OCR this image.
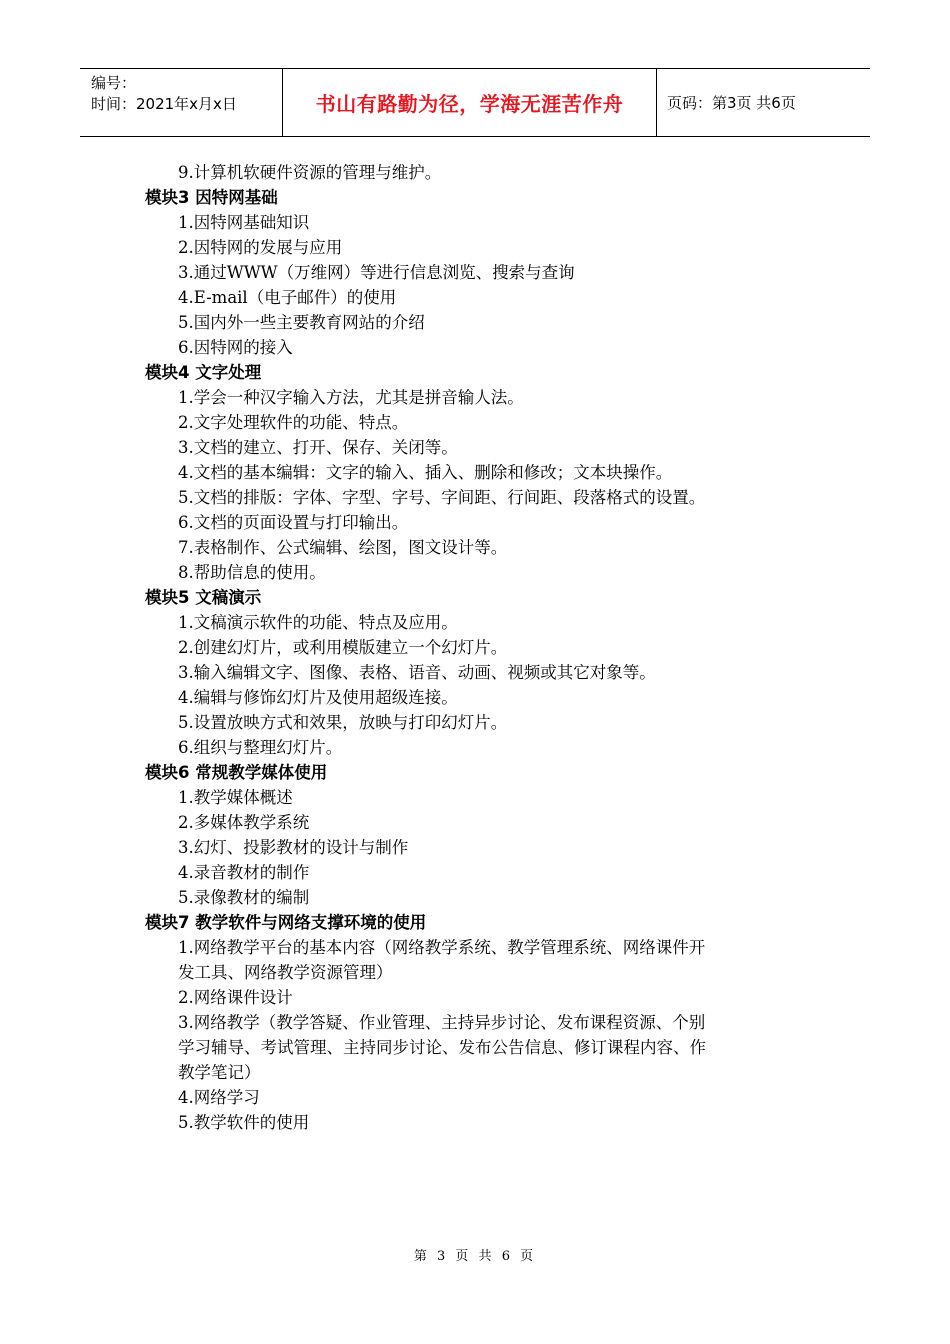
编号：
时间：2021年x月x日	书山有路勤为径，学海无涯苦作舟	页码：第3页 共6页
9.计算机软硬件资源的管理与维护。
模块3 因特网基础
1.因特网基础知识
2.因特网的发展与应用
3.通过WWW（万维网）等进行信息浏览、搜索与查询
4.E-mail（电子邮件）的使用
5.国内外一些主要教育网站的介绍
6.因特网的接入
模块4 文字处理
1.学会一种汉字输入方法，尤其是拼音输人法。
2.文字处理软件的功能、特点。
3.文档的建立、打开、保存、关闭等。
4.文档的基本编辑：文字的输入、插入、删除和修改；文本块操作。
5.文档的排版：字体、字型、字号、字间距、行间距、段落格式的设置。
6.文档的页面设置与打印输出。
7.表格制作、公式编辑、绘图，图文设计等。
8.帮助信息的使用。
模块5 文稿演示
1.文稿演示软件的功能、特点及应用。
2.创建幻灯片，或利用模版建立一个幻灯片。
3.输入编辑文字、图像、表格、语音、动画、视频或其它对象等。
4.编辑与修饰幻灯片及使用超级连接。
5.设置放映方式和效果，放映与打印幻灯片。
6.组织与整理幻灯片。
模块6 常规教学媒体使用
1.教学媒体概述
2.多媒体教学系统
3.幻灯、投影教材的设计与制作
4.录音教材的制作
5.录像教材的编制
模块7 教学软件与网络支撑环境的使用
1.网络教学平台的基本内容（网络教学系统、教学管理系统、网络课件开
发工具、网络教学资源管理）
2.网络课件设计
3.网络教学（教学答疑、作业管理、主持异步讨论、发布课程资源、个别
学习辅导、考试管理、主持同步讨论、发布公告信息、修订课程内容、作
教学笔记）
4.网络学习
5.教学软件的使用
第 3 页 共 6 页
